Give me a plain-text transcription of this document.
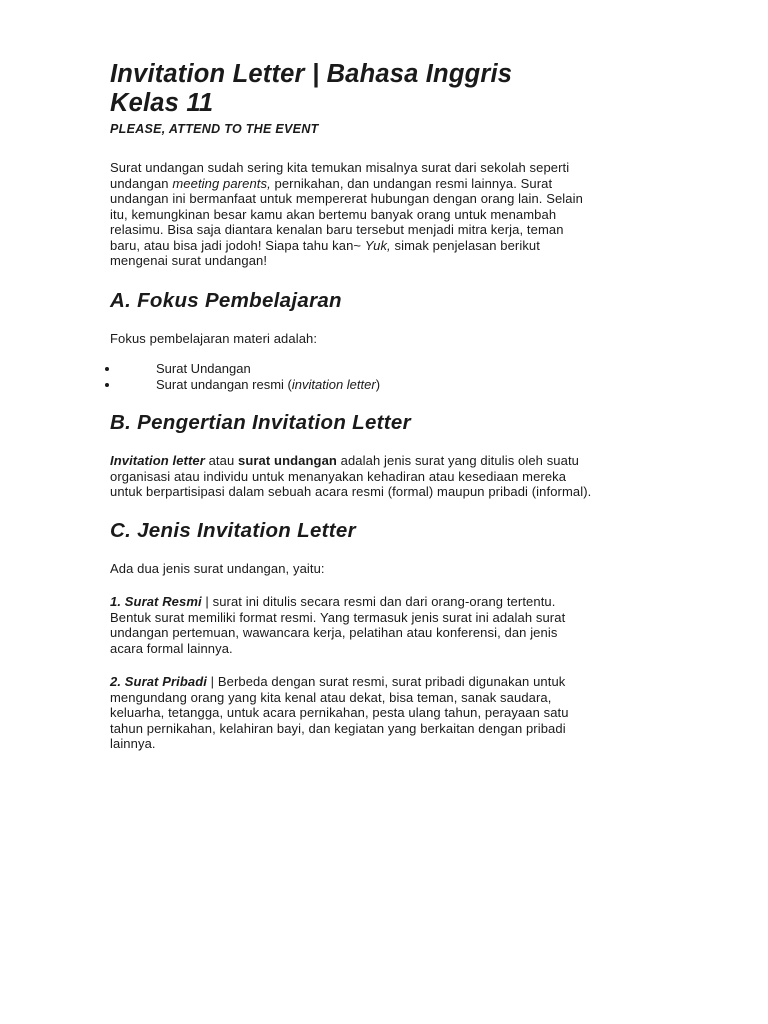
Invitation Letter | Bahasa Inggris
Kelas 11

PLEASE, ATTEND TO THE EVENT

Surat undangan sudah sering kita temukan misalnya surat dari sekolah seperti
undangan meeting parents, pernikahan, dan undangan resmi lainnya. Surat
undangan ini bermanfaat untuk mempererat hubungan dengan orang lain. Selain
itu, kemungkinan besar kamu akan bertemu banyak orang untuk menambah
relasimu. Bisa saja diantara kenalan baru tersebut menjadi mitra kerja, teman
baru, atau bisa jadi jodoh! Siapa tahu kan~ Yuk, simak penjelasan berikut
mengenai surat undangan!

A. Fokus Pembelajaran

Fokus pembelajaran materi adalah:

Surat Undangan
Surat undangan resmi (invitation letter)
B. Pengertian Invitation Letter

Invitation letter atau surat undangan adalah jenis surat yang ditulis oleh suatu
organisasi atau individu untuk menanyakan kehadiran atau kesediaan mereka
untuk berpartisipasi dalam sebuah acara resmi (formal) maupun pribadi (informal).

C. Jenis Invitation Letter

Ada dua jenis surat undangan, yaitu:

1. Surat Resmi | surat ini ditulis secara resmi dan dari orang-orang tertentu.
Bentuk surat memiliki format resmi. Yang termasuk jenis surat ini adalah surat
undangan pertemuan, wawancara kerja, pelatihan atau konferensi, dan jenis
acara formal lainnya.

2. Surat Pribadi | Berbeda dengan surat resmi, surat pribadi digunakan untuk
mengundang orang yang kita kenal atau dekat, bisa teman, sanak saudara,
keluarha, tetangga, untuk acara pernikahan, pesta ulang tahun, perayaan satu
tahun pernikahan, kelahiran bayi, dan kegiatan yang berkaitan dengan pribadi
lainnya.
